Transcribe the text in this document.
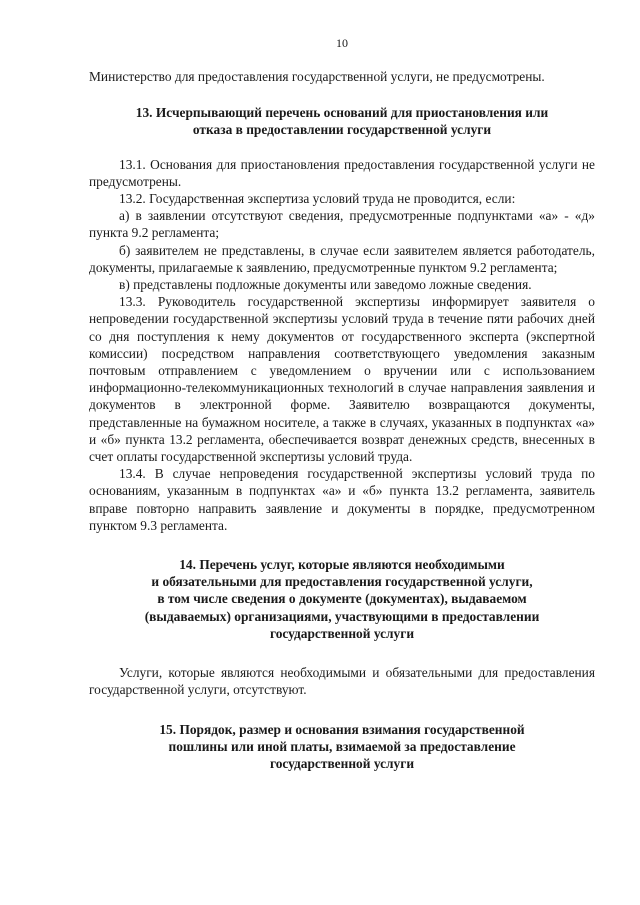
10

Министерство для предоставления государственной услуги, не предусмотрены.

13. Исчерпывающий перечень оснований для приостановления или
отказа в предоставлении государственной услуги

13.1. Основания для приостановления предоставления государственной услуги не предусмотрены.

13.2. Государственная экспертиза условий труда не проводится, если:

а) в заявлении отсутствуют сведения, предусмотренные подпунктами «а» - «д» пункта 9.2 регламента;

б) заявителем не представлены, в случае если заявителем является работодатель, документы, прилагаемые к заявлению, предусмотренные пунктом 9.2 регламента;

в) представлены подложные документы или заведомо ложные сведения.

13.3. Руководитель государственной экспертизы информирует заявителя о непроведении государственной экспертизы условий труда в течение пяти рабочих дней со дня поступления к нему документов от государственного эксперта (экспертной комиссии) посредством направления соответствующего уведомления заказным почтовым отправлением с уведомлением о вручении или с использованием информационно-телекоммуникационных технологий в случае направления заявления и документов в электронной форме. Заявителю возвращаются документы, представленные на бумажном носителе, а также в случаях, указанных в подпунктах «а» и «б» пункта 13.2 регламента, обеспечивается возврат денежных средств, внесенных в счет оплаты государственной экспертизы условий труда.

13.4. В случае непроведения государственной экспертизы условий труда по основаниям, указанным в подпунктах «а» и «б» пункта 13.2 регламента, заявитель вправе повторно направить заявление и документы в порядке, предусмотренном пунктом 9.3 регламента.

14. Перечень услуг, которые являются необходимыми
и обязательными для предоставления государственной услуги,
в том числе сведения о документе (документах), выдаваемом
(выдаваемых) организациями, участвующими в предоставлении
государственной услуги

Услуги, которые являются необходимыми и обязательными для предоставления государственной услуги, отсутствуют.

15. Порядок, размер и основания взимания государственной
пошлины или иной платы, взимаемой за предоставление
государственной услуги
